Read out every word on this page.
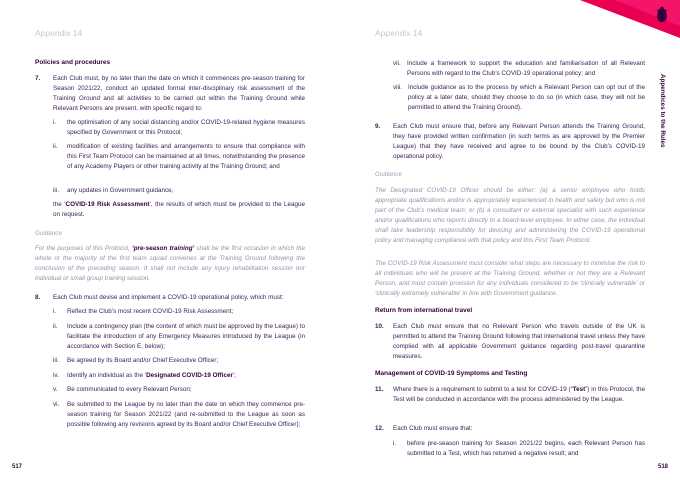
Appendix 14
Policies and procedures
7. Each Club must, by no later than the date on which it commences pre-season training for Season 2021/22, conduct an updated formal inter-disciplinary risk assessment of the Training Ground and all activities to be carried out within the Training Ground while Relevant Persons are present, with specific regard to:
i. the optimisation of any social distancing and/or COVID-19-related hygiene measures specified by Government or this Protocol;
ii. modification of existing facilities and arrangements to ensure that compliance with this First Team Protocol can be maintained at all times, notwithstanding the presence of any Academy Players or other training activity at the Training Ground; and
iii. any updates in Government guidance,
the ‘COVID-19 Risk Assessment’, the results of which must be provided to the League on request.
Guidance
For the purposes of this Protocol, ‘pre-season training’ shall be the first occasion in which the whole or the majority of the first team squad convenes at the Training Ground following the conclusion of the preceding season. It shall not include any injury rehabilitation session nor individual or small group training session.
8. Each Club must devise and implement a COVID-19 operational policy, which must:
i. Reflect the Club’s most recent COVID-19 Risk Assessment;
ii. Include a contingency plan (the content of which must be approved by the League) to facilitate the introduction of any Emergency Measures introduced by the League (in accordance with Section E, below);
iii. Be agreed by its Board and/or Chief Executive Officer;
iv. Identify an individual as the ‘Designated COVID-19 Officer’;
v. Be communicated to every Relevant Person;
vi. Be submitted to the League by no later than the date on which they commence pre-season training for Season 2021/22 (and re-submitted to the League as soon as possible following any revisions agreed by its Board and/or Chief Executive Officer);
517
Appendix 14
vii. Include a framework to support the education and familiarisation of all Relevant Persons with regard to the Club’s COVID-19 operational policy; and
viii. Include guidance as to the process by which a Relevant Person can opt out of the policy at a later date, should they choose to do so (in which case, they will not be permitted to attend the Training Ground).
9. Each Club must ensure that, before any Relevant Person attends the Training Ground, they have provided written confirmation (in such terms as are approved by the Premier League) that they have received and agree to be bound by the Club’s COVID-19 operational policy.
Guidance
The Designated COVID-19 Officer should be either: (a) a senior employee who holds appropriate qualifications and/or is appropriately experienced in health and safety but who is not part of the Club’s medical team; or (b) a consultant or external specialist with such experience and/or qualifications who reports directly to a board-level employee. In either case, the individual shall take leadership responsibility for devising and administering the COVID-19 operational policy and managing compliance with that policy and this First Team Protocol.
The COVID-19 Risk Assessment must consider what steps are necessary to minimise the risk to all individuals who will be present at the Training Ground, whether or not they are a Relevant Person, and must contain provision for any individuals considered to be ‘clinically vulnerable’ or ‘clinically extremely vulnerable’ in line with Government guidance.
Return from international travel
10. Each Club must ensure that no Relevant Person who travels outside of the UK is permitted to attend the Training Ground following that international travel unless they have complied with all applicable Government guidance regarding post-travel quarantine measures.
Management of COVID-19 Symptoms and Testing
11. Where there is a requirement to submit to a test for COVID-19 (“Test”) in this Protocol, the Test will be conducted in accordance with the process administered by the League.
12. Each Club must ensure that:
i. before pre-season training for Season 2021/22 begins, each Relevant Person has submitted to a Test, which has returned a negative result; and
518
Appendices to the Rules
